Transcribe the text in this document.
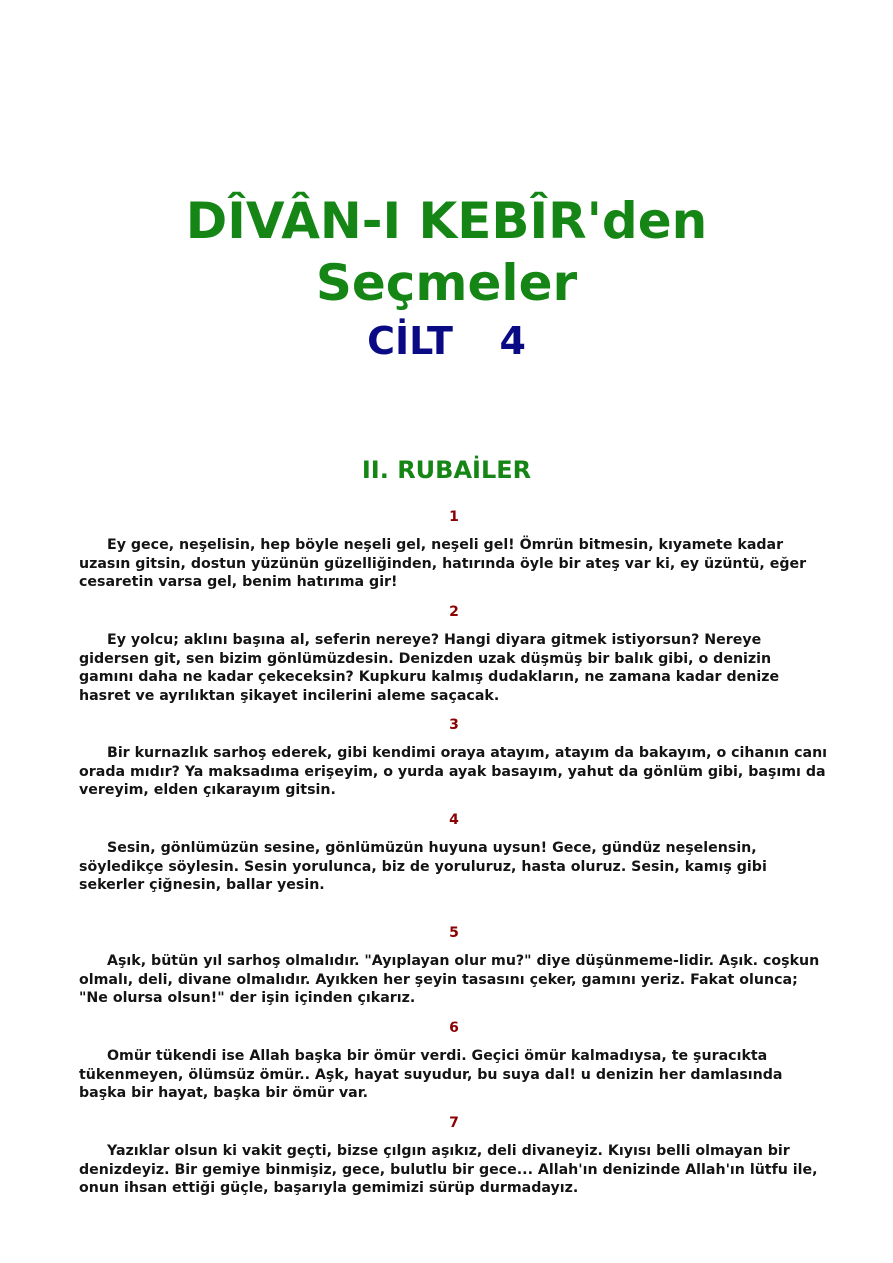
DÎVÂN-I KEBÎR'den
Seçmeler
CİLT  4
II. RUBAİLER
1

Ey gece, neşelisin, hep böyle neşeli gel, neşeli gel! Ömrün bitmesin, kıyamete kadar uzasın gitsin, dostun yüzünün güzelliğinden, hatırında öyle bir ateş var ki, ey üzüntü, eğer cesaretin varsa gel, benim hatırıma gir!

2

Ey yolcu; aklını başına al, seferin nereye? Hangi diyara gitmek istiyorsun? Nereye gidersen git, sen bizim gönlümüzdesin. Denizden uzak düşmüş bir balık gibi, o denizin gamını daha ne kadar çekeceksin? Kupkuru kalmış dudakların, ne zamana kadar denize hasret ve ayrılıktan şikayet incilerini aleme saçacak.

3

Bir kurnazlık sarhoş ederek, gibi kendimi oraya atayım, atayım da bakayım, o cihanın canı orada mıdır? Ya maksadıma erişeyim, o yurda ayak basayım, yahut da gönlüm gibi, başımı da vereyim, elden çıkarayım gitsin.

4

Sesin, gönlümüzün sesine, gönlümüzün huyuna uysun! Gece, gündüz neşelensin, söyledikçe söylesin. Sesin yorulunca, biz de yoruluruz, hasta oluruz. Sesin, kamış gibi sekerler çiğnesin, ballar yesin.

5

Aşık, bütün yıl sarhoş olmalıdır. "Ayıplayan olur mu?" diye düşünmeme-lidir. Aşık. coşkun olmalı, deli, divane olmalıdır. Ayıkken her şeyin tasasını çeker, gamını yeriz. Fakat olunca; "Ne olursa olsun!" der işin içinden çıkarız.

6

Omür tükendi ise Allah başka bir ömür verdi. Geçici ömür kalmadıysa, te şuracıkta tükenmeyen, ölümsüz ömür.. Aşk, hayat suyudur, bu suya dal! u denizin her damlasında başka bir hayat, başka bir ömür var.

7

Yazıklar olsun ki vakit geçti, bizse çılgın aşıkız, deli divaneyiz. Kıyısı belli olmayan bir denizdeyiz. Bir gemiye binmişiz, gece, bulutlu bir gece... Allah'ın denizinde Allah'ın lütfu ile, onun ihsan ettiği güçle, başarıyla gemimizi sürüp durmadayız.
